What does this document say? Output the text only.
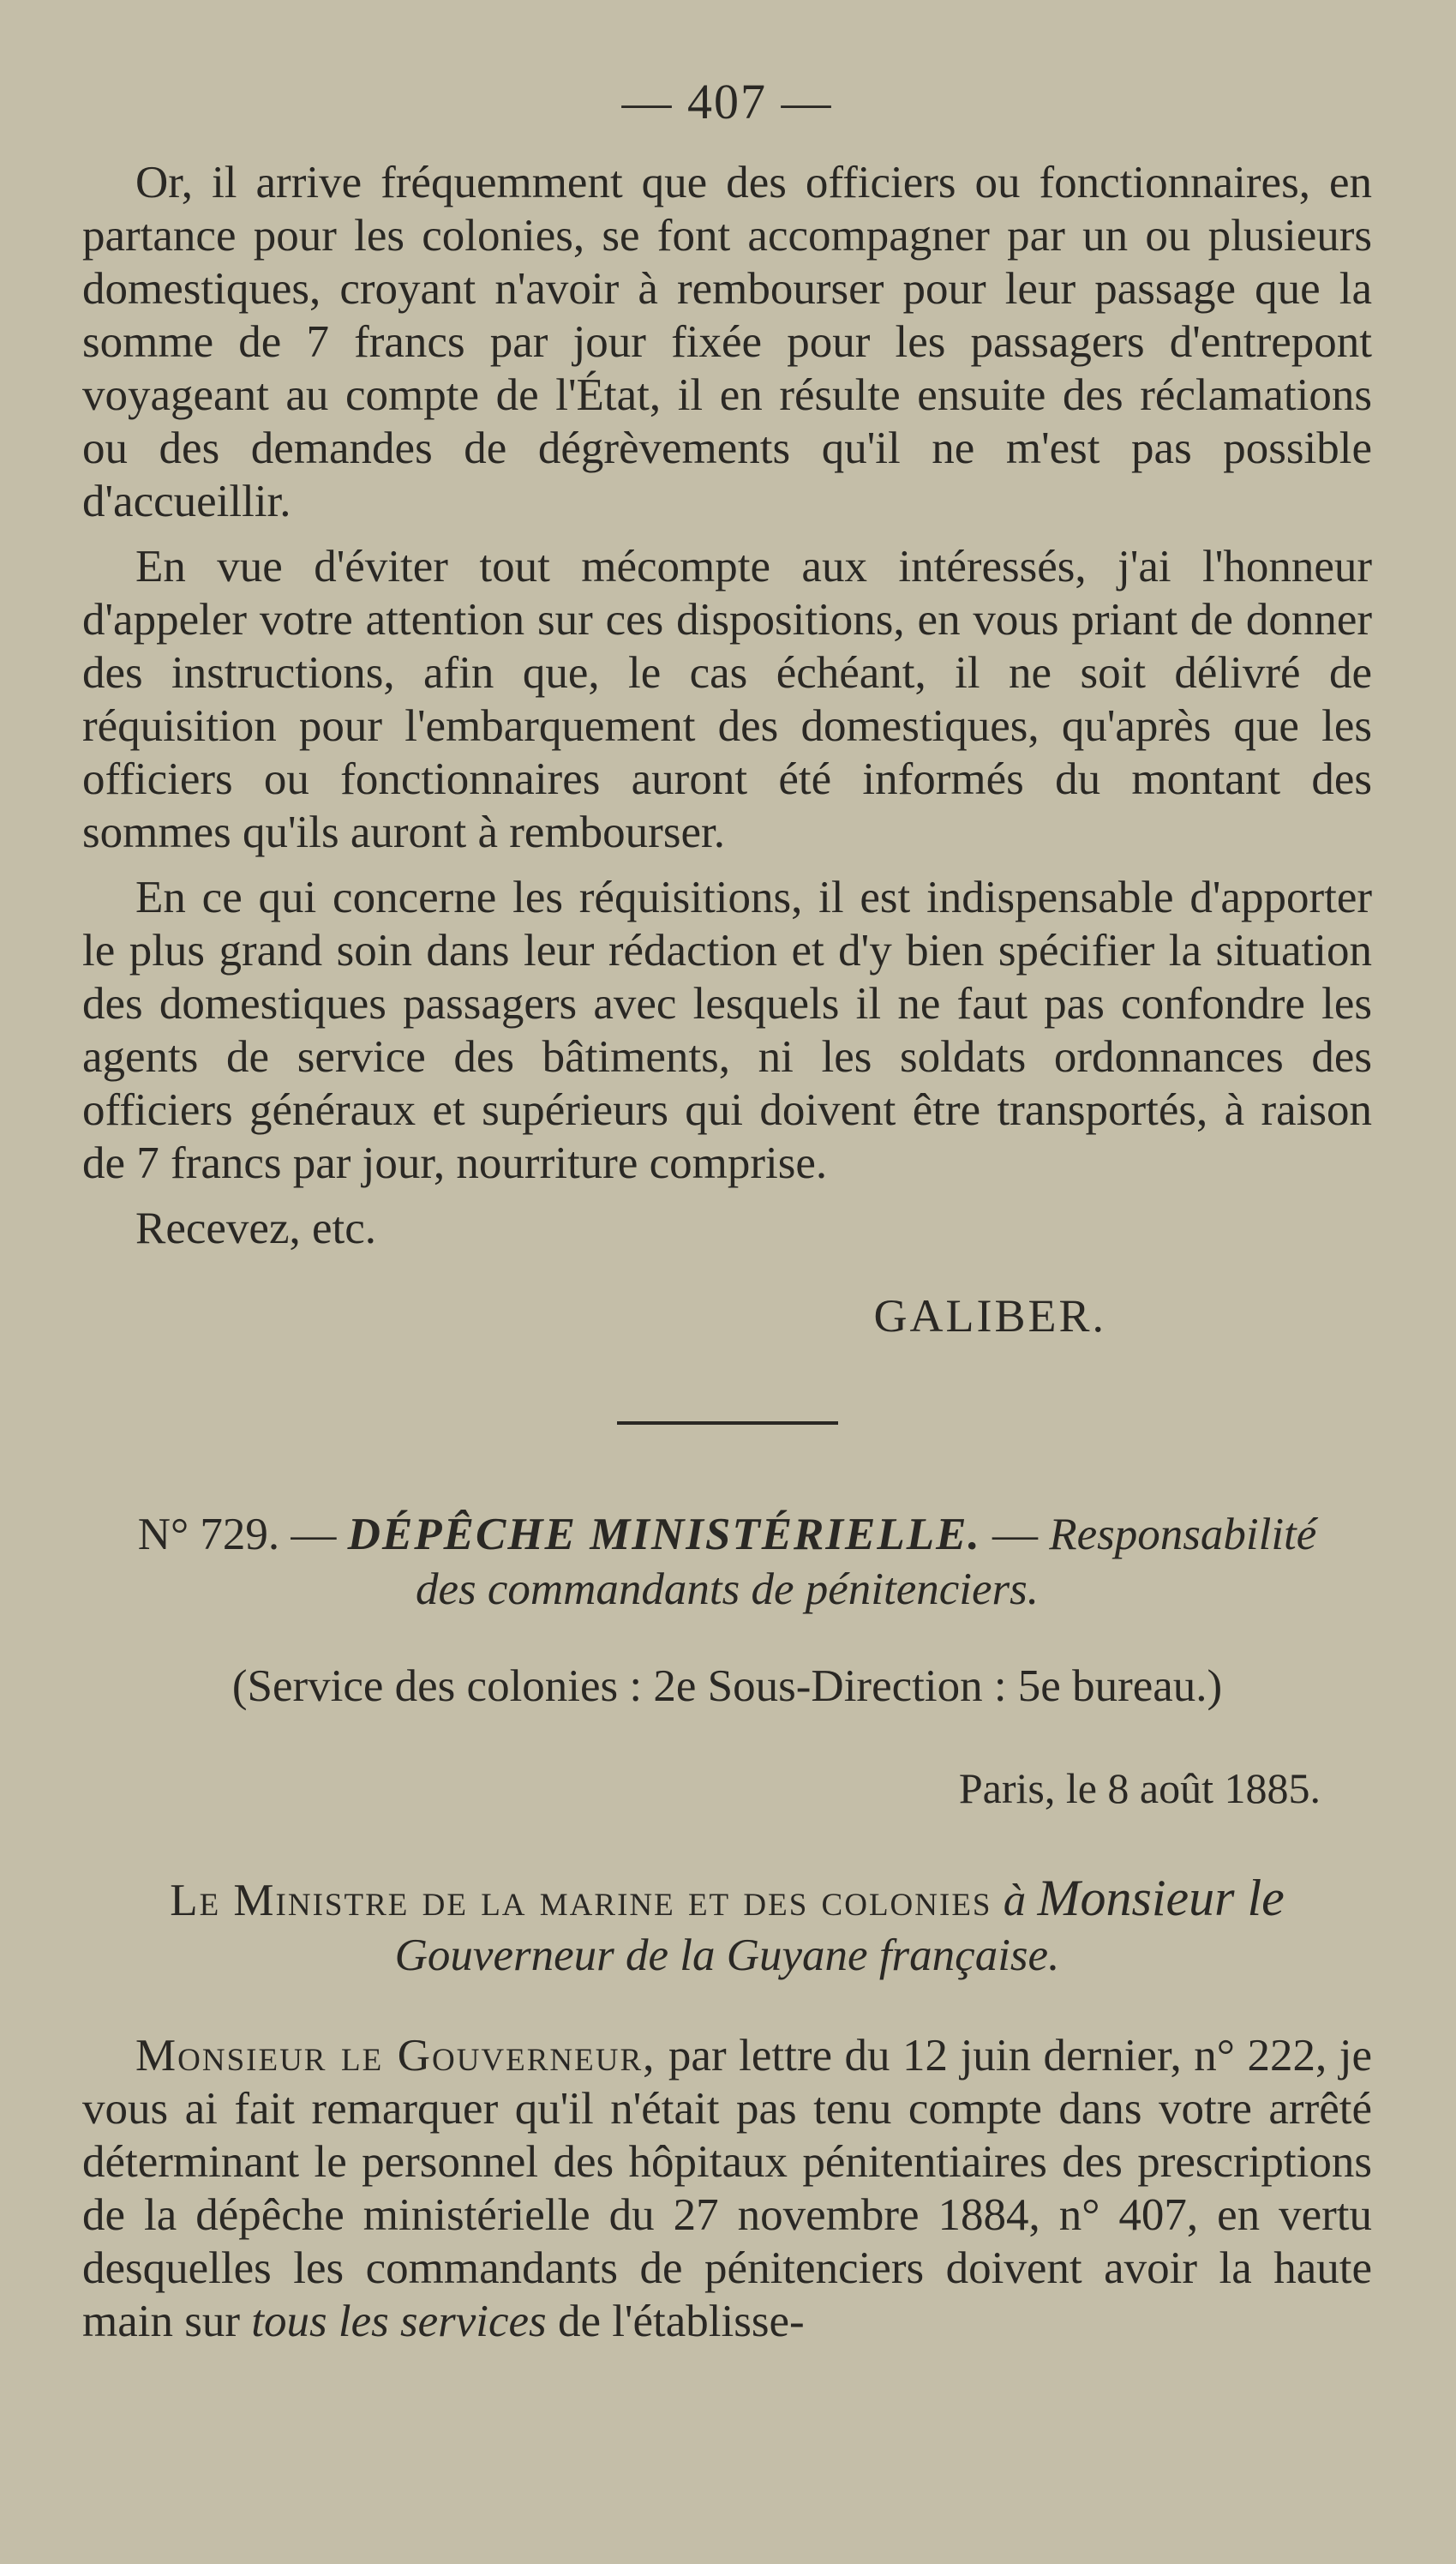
— 407 —

Or, il arrive fréquemment que des officiers ou fonctionnaires, en partance pour les colonies, se font accompagner par un ou plusieurs domestiques, croyant n'avoir à rembourser pour leur passage que la somme de 7 francs par jour fixée pour les passagers d'entrepont voyageant au compte de l'État, il en résulte ensuite des réclamations ou des demandes de dégrèvements qu'il ne m'est pas possible d'accueillir.

En vue d'éviter tout mécompte aux intéressés, j'ai l'honneur d'appeler votre attention sur ces dispositions, en vous priant de donner des instructions, afin que, le cas échéant, il ne soit délivré de réquisition pour l'embarquement des domestiques, qu'après que les officiers ou fonctionnaires auront été informés du montant des sommes qu'ils auront à rembourser.

En ce qui concerne les réquisitions, il est indispensable d'apporter le plus grand soin dans leur rédaction et d'y bien spécifier la situation des domestiques passagers avec lesquels il ne faut pas confondre les agents de service des bâtiments, ni les soldats ordonnances des officiers généraux et supérieurs qui doivent être transportés, à raison de 7 francs par jour, nourriture comprise.

Recevez, etc.

GALIBER.

N° 729. — DÉPÊCHE MINISTÉRIELLE. — Responsabilité
des commandants de pénitenciers.

(Service des colonies : 2e Sous-Direction : 5e bureau.)

Paris, le 8 août 1885.

Le Ministre de la marine et des colonies à Monsieur le
Gouverneur de la Guyane française.

Monsieur le Gouverneur, par lettre du 12 juin dernier, n° 222, je vous ai fait remarquer qu'il n'était pas tenu compte dans votre arrêté déterminant le personnel des hôpitaux pénitentiaires des prescriptions de la dépêche ministérielle du 27 novembre 1884, n° 407, en vertu desquelles les commandants de pénitenciers doivent avoir la haute main sur tous les services de l'établisse-
